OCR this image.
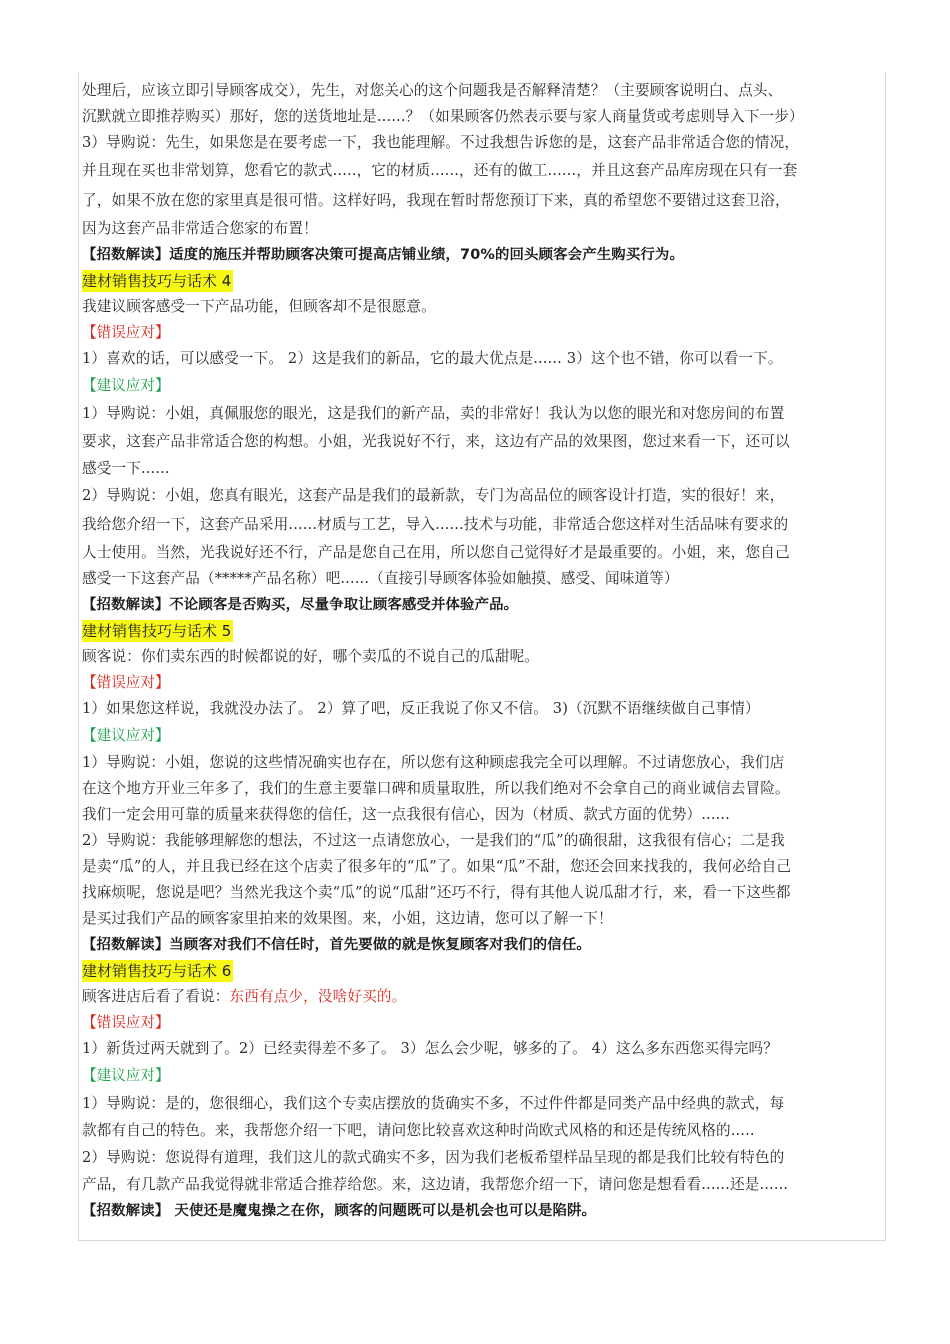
处理后，应该立即引导顾客成交），先生，对您关心的这个问题我是否解释清楚？（主要顾客说明白、点头、
沉默就立即推荐购买）那好，您的送货地址是......？（如果顾客仍然表示要与家人商量货或考虑则导入下一步）
3）导购说：先生，如果您是在要考虑一下，我也能理解。不过我想告诉您的是，这套产品非常适合您的情况，
并且现在买也非常划算，您看它的款式.....，它的材质......，还有的做工......，并且这套产品库房现在只有一套
了，如果不放在您的家里真是很可惜。这样好吗，我现在暂时帮您预订下来，真的希望您不要错过这套卫浴，
因为这套产品非常适合您家的布置！
【招数解读】适度的施压并帮助顾客决策可提高店铺业绩，70%的回头顾客会产生购买行为。
建材销售技巧与话术 4
我建议顾客感受一下产品功能，但顾客却不是很愿意。
【错误应对】
1）喜欢的话，可以感受一下。 2）这是我们的新品，它的最大优点是...... 3）这个也不错，你可以看一下。
【建议应对】
1）导购说：小姐，真佩服您的眼光，这是我们的新产品，卖的非常好！我认为以您的眼光和对您房间的布置
要求，这套产品非常适合您的构想。小姐，光我说好不行，来，这边有产品的效果图，您过来看一下，还可以
感受一下......
2）导购说：小姐，您真有眼光，这套产品是我们的最新款，专门为高品位的顾客设计打造，实的很好！来，
我给您介绍一下，这套产品采用......材质与工艺，导入......技术与功能，非常适合您这样对生活品味有要求的
人士使用。当然，光我说好还不行，产品是您自己在用，所以您自己觉得好才是最重要的。小姐，来，您自己
感受一下这套产品（*****产品名称）吧......（直接引导顾客体验如触摸、感受、闻味道等）
【招数解读】不论顾客是否购买，尽量争取让顾客感受并体验产品。
建材销售技巧与话术 5
顾客说：你们卖东西的时候都说的好，哪个卖瓜的不说自己的瓜甜呢。
【错误应对】
1）如果您这样说，我就没办法了。 2）算了吧，反正我说了你又不信。 3)（沉默不语继续做自己事情）
【建议应对】
1）导购说：小姐，您说的这些情况确实也存在，所以您有这种顾虑我完全可以理解。不过请您放心，我们店
在这个地方开业三年多了，我们的生意主要靠口碑和质量取胜，所以我们绝对不会拿自己的商业诚信去冒险。
我们一定会用可靠的质量来获得您的信任，这一点我很有信心，因为（材质、款式方面的优势）......
2）导购说：我能够理解您的想法，不过这一点请您放心，一是我们的“瓜”的确很甜，这我很有信心；二是我
是卖“瓜”的人，并且我已经在这个店卖了很多年的“瓜”了。如果“瓜”不甜，您还会回来找我的，我何必给自己
找麻烦呢，您说是吧？当然光我这个卖“瓜”的说“瓜甜”还巧不行，得有其他人说瓜甜才行，来，看一下这些都
是买过我们产品的顾客家里拍来的效果图。来，小姐，这边请，您可以了解一下！
【招数解读】当顾客对我们不信任时，首先要做的就是恢复顾客对我们的信任。
建材销售技巧与话术 6
顾客进店后看了看说：东西有点少，没啥好买的。
【错误应对】
1）新货过两天就到了。2）已经卖得差不多了。 3）怎么会少呢，够多的了。 4）这么多东西您买得完吗？
【建议应对】
1）导购说：是的，您很细心，我们这个专卖店摆放的货确实不多，不过件件都是同类产品中经典的款式，每
款都有自己的特色。来，我帮您介绍一下吧，请问您比较喜欢这种时尚欧式风格的和还是传统风格的.....
2）导购说：您说得有道理，我们这儿的款式确实不多，因为我们老板希望样品呈现的都是我们比较有特色的
产品，有几款产品我觉得就非常适合推荐给您。来，这边请，我帮您介绍一下，请问您是想看看......还是......
【招数解读】 天使还是魔鬼操之在你，顾客的问题既可以是机会也可以是陷阱。
